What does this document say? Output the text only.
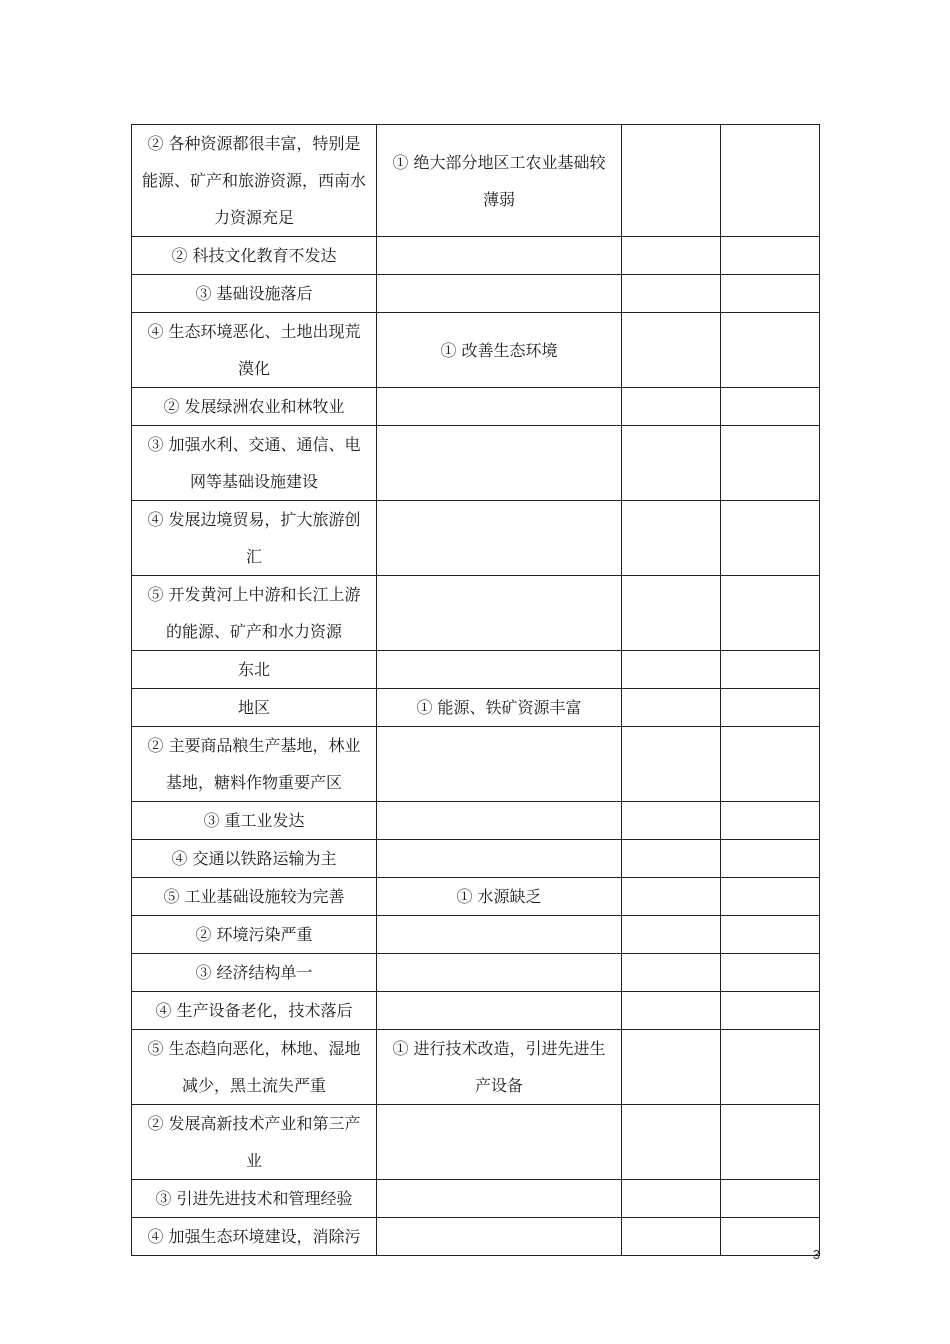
② 各种资源都很丰富，特别是能源、矿产和旅游资源，西南水力资源充足	① 绝大部分地区工农业基础较薄弱		
② 科技文化教育不发达			
③ 基础设施落后			
④ 生态环境恶化、土地出现荒漠化	① 改善生态环境		
② 发展绿洲农业和林牧业			
③ 加强水利、交通、通信、电网等基础设施建设			
④ 发展边境贸易，扩大旅游创汇			
⑤ 开发黄河上中游和长江上游的能源、矿产和水力资源			
东北			
地区	① 能源、铁矿资源丰富		
② 主要商品粮生产基地，林业基地，糖料作物重要产区			
③ 重工业发达			
④ 交通以铁路运输为主			
⑤ 工业基础设施较为完善	① 水源缺乏		
② 环境污染严重			
③ 经济结构单一			
④ 生产设备老化，技术落后			
⑤ 生态趋向恶化，林地、湿地减少，黑土流失严重	① 进行技术改造，引进先进生产设备		
② 发展高新技术产业和第三产业			
③ 引进先进技术和管理经验			
④ 加强生态环境建设，消除污			
3
